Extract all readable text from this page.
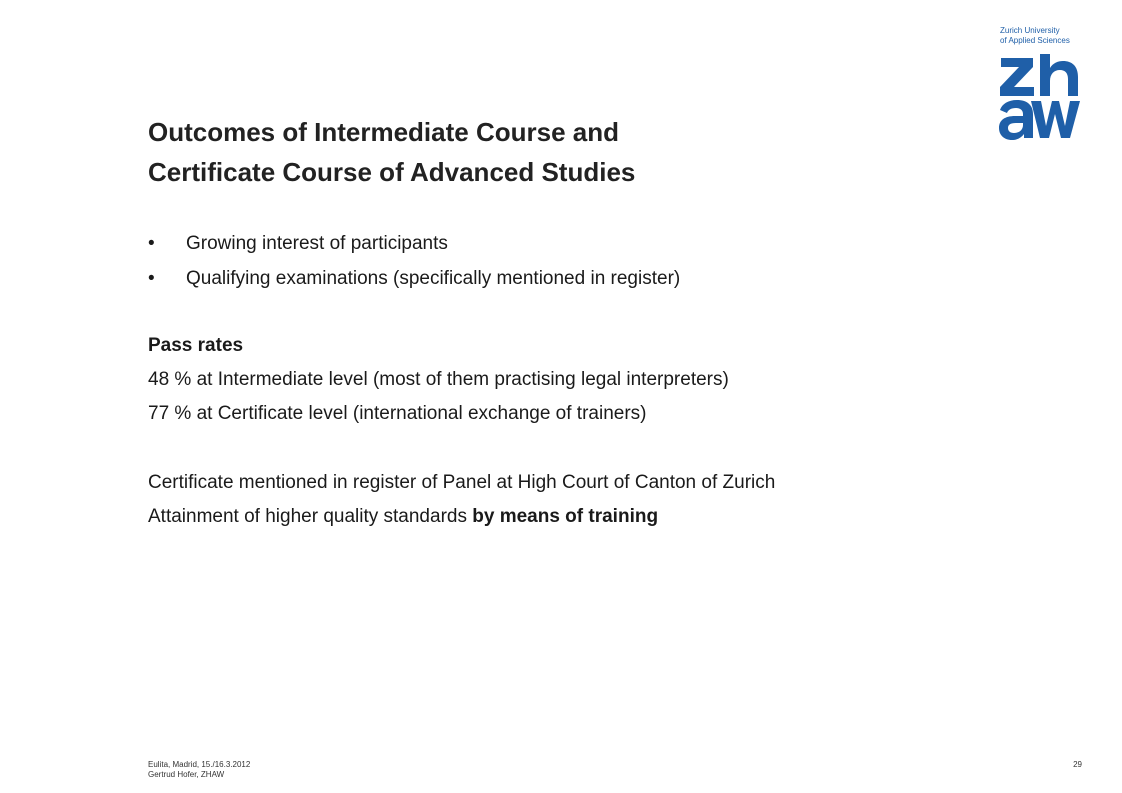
Zurich University
of Applied Sciences
Outcomes of Intermediate Course and
Certificate Course of Advanced Studies
• Growing interest of participants
• Qualifying examinations (specifically mentioned in register)

Pass rates

48 % at Intermediate level (most of them practising legal interpreters)

77 % at Certificate level (international exchange of trainers)

Certificate mentioned in register of Panel at High Court of Canton of Zurich

Attainment of higher quality standards by means of training

Eulita, Madrid, 15./16.3.2012
Gertrud Hofer, ZHAW
29
